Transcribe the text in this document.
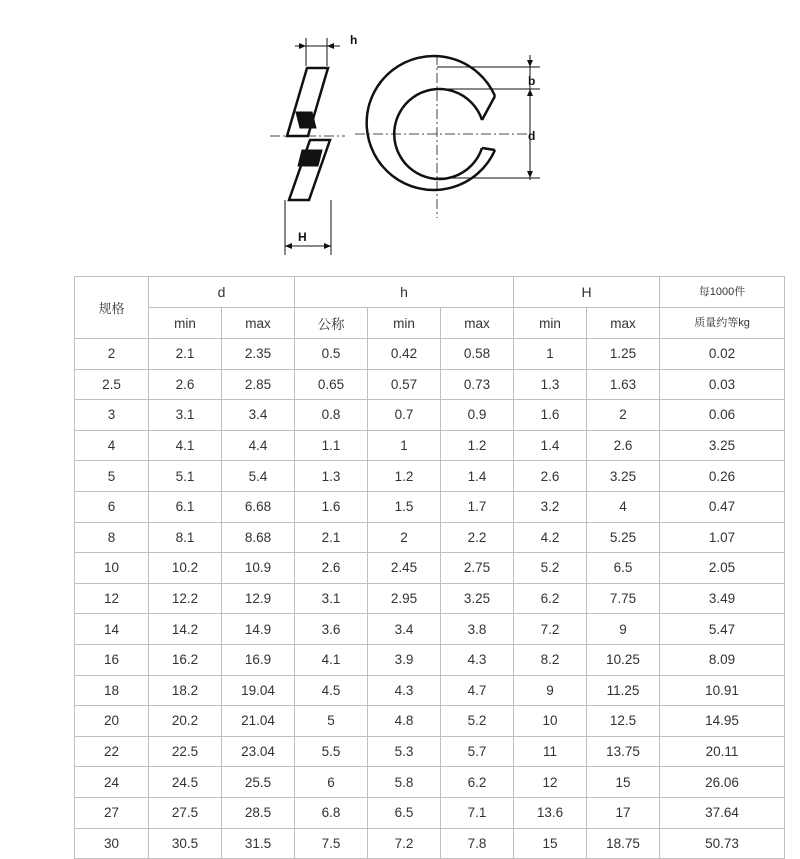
h
b
d
H
规格	d		h			H		每1000件
	min	max	公称	min	max	min	max	质量约等kg
2	2.1	2.35	0.5	0.42	0.58	1	1.25	0.02
2.5	2.6	2.85	0.65	0.57	0.73	1.3	1.63	0.03
3	3.1	3.4	0.8	0.7	0.9	1.6	2	0.06
4	4.1	4.4	1.1	1	1.2	1.4	2.6	3.25
5	5.1	5.4	1.3	1.2	1.4	2.6	3.25	0.26
6	6.1	6.68	1.6	1.5	1.7	3.2	4	0.47
8	8.1	8.68	2.1	2	2.2	4.2	5.25	1.07
10	10.2	10.9	2.6	2.45	2.75	5.2	6.5	2.05
12	12.2	12.9	3.1	2.95	3.25	6.2	7.75	3.49
14	14.2	14.9	3.6	3.4	3.8	7.2	9	5.47
16	16.2	16.9	4.1	3.9	4.3	8.2	10.25	8.09
18	18.2	19.04	4.5	4.3	4.7	9	11.25	10.91
20	20.2	21.04	5	4.8	5.2	10	12.5	14.95
22	22.5	23.04	5.5	5.3	5.7	11	13.75	20.11
24	24.5	25.5	6	5.8	6.2	12	15	26.06
27	27.5	28.5	6.8	6.5	7.1	13.6	17	37.64
30	30.5	31.5	7.5	7.2	7.8	15	18.75	50.73
